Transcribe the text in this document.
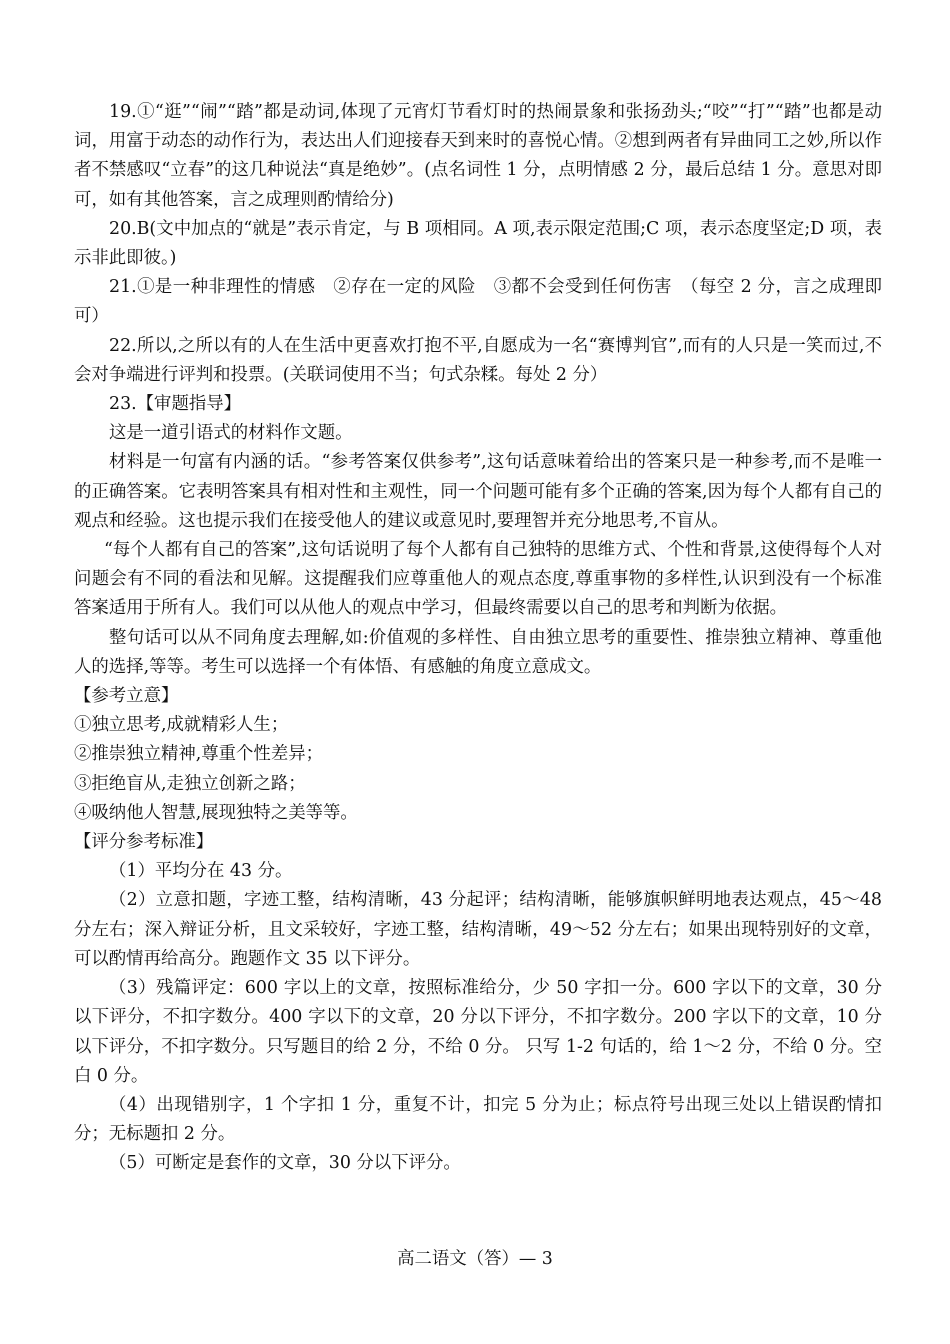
19.①“逛”“闹”“踏”都是动词,体现了元宵灯节看灯时的热闹景象和张扬劲头;“咬”“打”“踏”也都是动词，用富于动态的动作行为，表达出人们迎接春天到来时的喜悦心情。②想到两者有异曲同工之妙,所以作者不禁感叹“立春”的这几种说法“真是绝妙”。(点名词性 1 分，点明情感 2 分，最后总结 1 分。意思对即可，如有其他答案，言之成理则酌情给分)

20.B(文中加点的“就是”表示肯定，与 B 项相同。A 项,表示限定范围;C 项，表示态度坚定;D 项，表示非此即彼。)

21.①是一种非理性的情感　②存在一定的风险　③都不会受到任何伤害　（每空 2 分，言之成理即可）

22.所以,之所以有的人在生活中更喜欢打抱不平,自愿成为一名“赛博判官”,而有的人只是一笑而过,不会对争端进行评判和投票。(关联词使用不当；句式杂糅。每处 2 分）

23.【审题指导】

这是一道引语式的材料作文题。

材料是一句富有内涵的话。“参考答案仅供参考”,这句话意味着给出的答案只是一种参考,而不是唯一的正确答案。它表明答案具有相对性和主观性，同一个问题可能有多个正确的答案,因为每个人都有自己的观点和经验。这也提示我们在接受他人的建议或意见时,要理智并充分地思考,不盲从。

“每个人都有自己的答案”,这句话说明了每个人都有自己独特的思维方式、个性和背景,这使得每个人对问题会有不同的看法和见解。这提醒我们应尊重他人的观点态度,尊重事物的多样性,认识到没有一个标准答案适用于所有人。我们可以从他人的观点中学习，但最终需要以自己的思考和判断为依据。

整句话可以从不同角度去理解,如:价值观的多样性、自由独立思考的重要性、推崇独立精神、尊重他人的选择,等等。考生可以选择一个有体悟、有感触的角度立意成文。

【参考立意】

①独立思考,成就精彩人生；

②推崇独立精神,尊重个性差异；

③拒绝盲从,走独立创新之路；

④吸纳他人智慧,展现独特之美等等。

【评分参考标准】

（1）平均分在 43 分。

（2）立意扣题，字迹工整，结构清晰，43 分起评；结构清晰，能够旗帜鲜明地表达观点，45～48 分左右；深入辩证分析，且文采较好，字迹工整，结构清晰，49～52 分左右；如果出现特别好的文章，可以酌情再给高分。跑题作文 35 以下评分。

（3）残篇评定：600 字以上的文章，按照标准给分，少 50 字扣一分。600 字以下的文章，30 分以下评分，不扣字数分。400 字以下的文章，20 分以下评分，不扣字数分。200 字以下的文章，10 分以下评分，不扣字数分。只写题目的给 2 分，不给 0 分。 只写 1-2 句话的，给 1～2 分，不给 0 分。空白 0 分。

（4）出现错别字，1 个字扣 1 分，重复不计，扣完 5 分为止；标点符号出现三处以上错误酌情扣分；无标题扣 2 分。

（5）可断定是套作的文章，30 分以下评分。

高二语文（答）— 3
